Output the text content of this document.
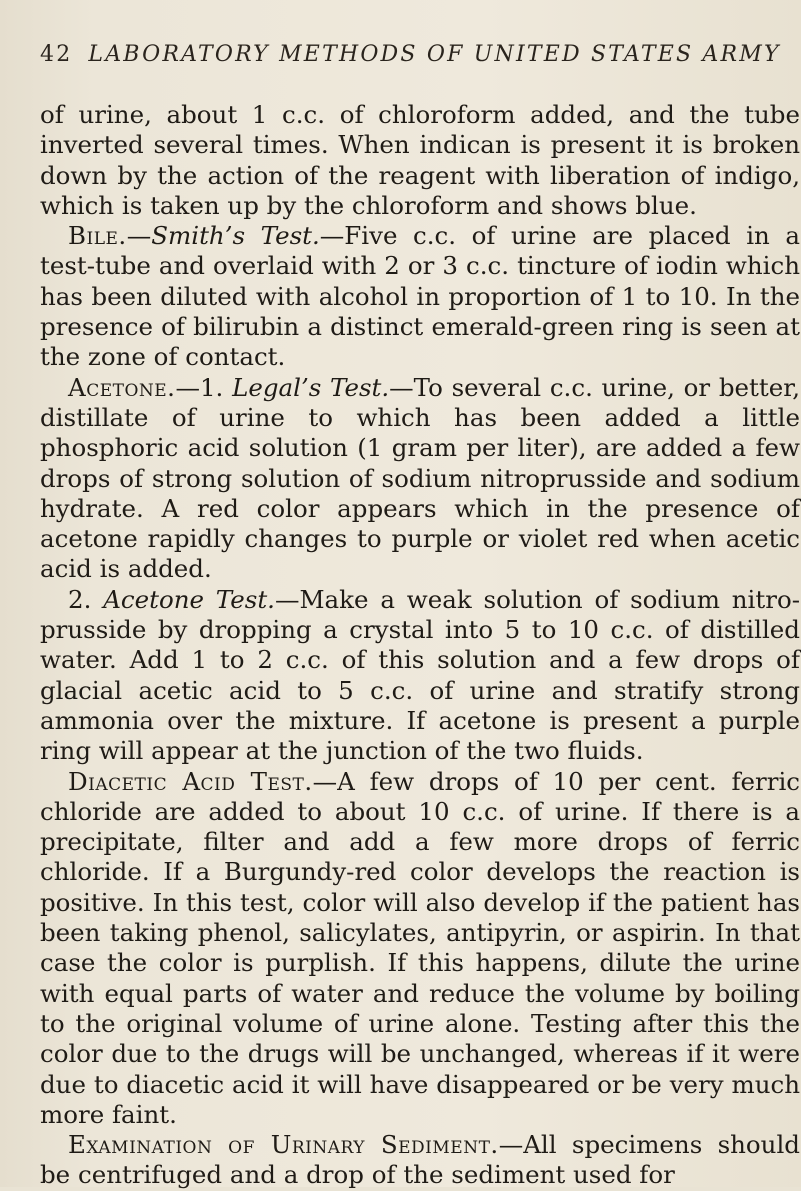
42 LABORATORY METHODS OF UNITED STATES ARMY

of urine, about 1 c.c. of chloroform added, and the tube inverted several times. When indican is present it is broken down by the action of the reagent with liberation of indigo, which is taken up by the chloroform and shows blue.

Bile.—Smith’s Test.—Five c.c. of urine are placed in a test-tube and overlaid with 2 or 3 c.c. tincture of iodin which has been diluted with alcohol in proportion of 1 to 10. In the presence of bilirubin a distinct emerald-green ring is seen at the zone of contact.

Acetone.—1. Legal’s Test.—To several c.c. urine, or better, distillate of urine to which has been added a little phosphoric acid solution (1 gram per liter), are added a few drops of strong solution of sodium nitroprusside and sodium hydrate. A red color appears which in the presence of acetone rapidly changes to purple or violet red when acetic acid is added.

2. Acetone Test.—Make a weak solution of sodium nitro-prusside by dropping a crystal into 5 to 10 c.c. of distilled water. Add 1 to 2 c.c. of this solution and a few drops of glacial acetic acid to 5 c.c. of urine and stratify strong ammonia over the mixture. If acetone is present a purple ring will appear at the junction of the two fluids.

Diacetic Acid Test.—A few drops of 10 per cent. ferric chloride are added to about 10 c.c. of urine. If there is a precipitate, filter and add a few more drops of ferric chloride. If a Burgundy-red color develops the reaction is positive. In this test, color will also develop if the patient has been taking phenol, salicylates, antipyrin, or aspirin. In that case the color is purplish. If this happens, dilute the urine with equal parts of water and reduce the volume by boiling to the original volume of urine alone. Testing after this the color due to the drugs will be unchanged, whereas if it were due to diacetic acid it will have disappeared or be very much more faint.

Examination of Urinary Sediment.—All specimens should be centrifuged and a drop of the sediment used for
